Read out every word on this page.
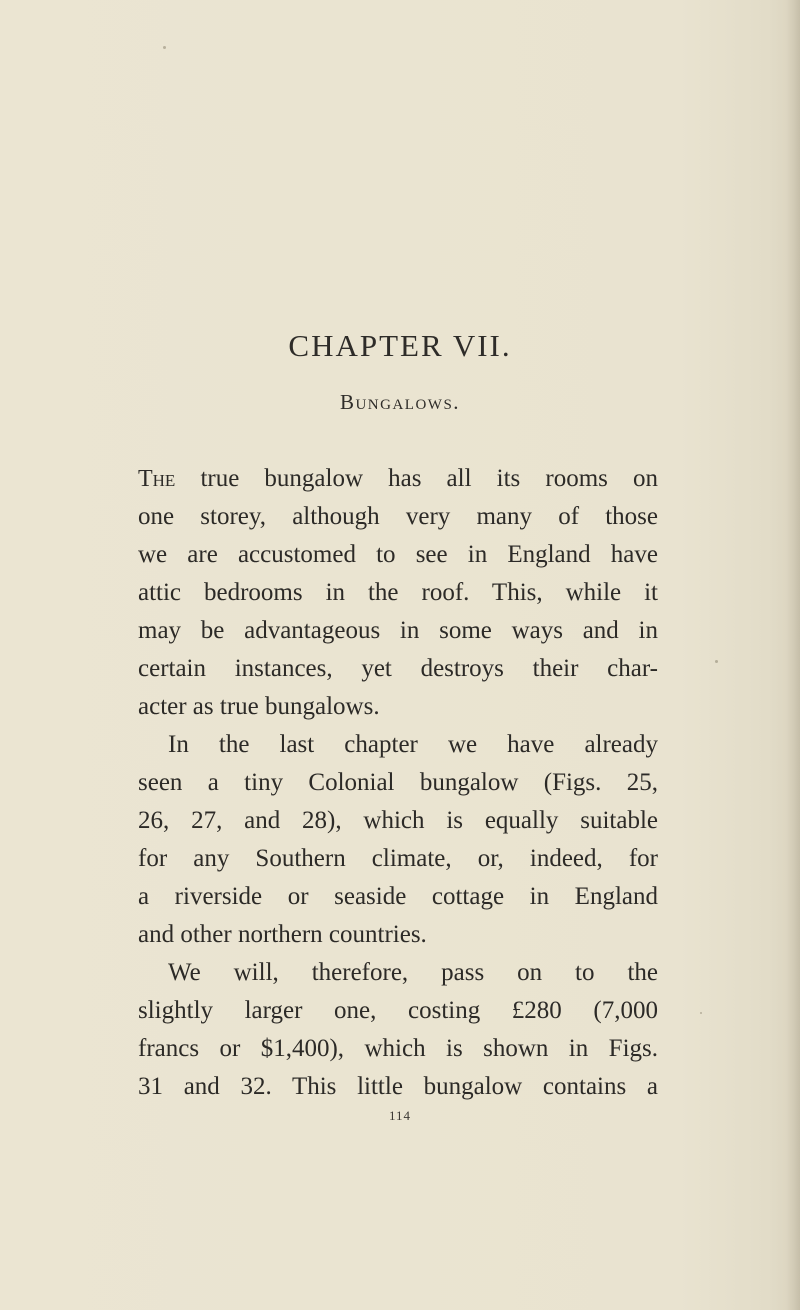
CHAPTER VII.
Bungalows.
The true bungalow has all its rooms on
one storey, although very many of those
we are accustomed to see in England have
attic bedrooms in the roof. This, while it
may be advantageous in some ways and in
certain instances, yet destroys their char-
acter as true bungalows.
In the last chapter we have already
seen a tiny Colonial bungalow (Figs. 25,
26, 27, and 28), which is equally suitable
for any Southern climate, or, indeed, for
a riverside or seaside cottage in England
and other northern countries.
We will, therefore, pass on to the
slightly larger one, costing £280 (7,000
francs or $1,400), which is shown in Figs.
31 and 32. This little bungalow contains a
114
